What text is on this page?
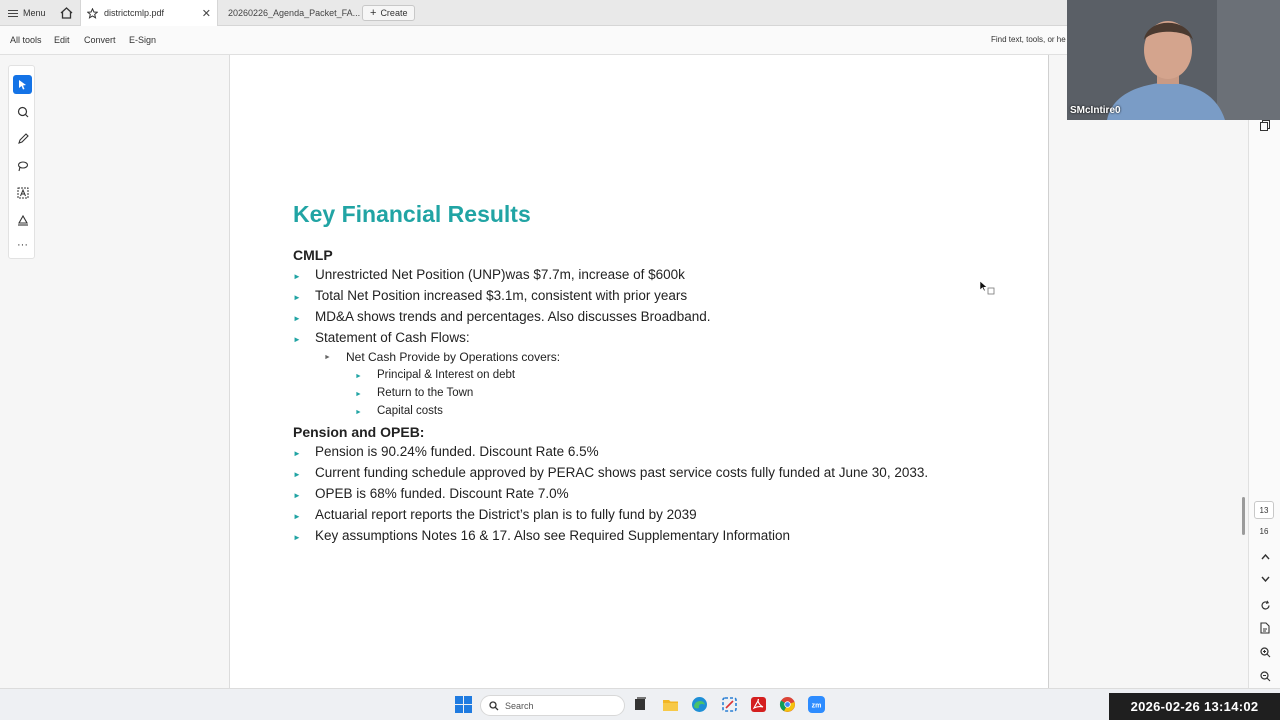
Menu	districtcmlp.pdf	✕ 20260226_Agenda_Packet_FA... + Create
All tools Edit Convert E-Sign	Find text, tools, or he
···
Key Financial Results
CMLP
► Unrestricted Net Position (UNP)was $7.7m, increase of $600k
► Total Net Position increased $3.1m, consistent with prior years
► MD&A shows trends and percentages. Also discusses Broadband.
► Statement of Cash Flows:
► Net Cash Provide by Operations covers:
► Principal & Interest on debt
► Return to the Town
► Capital costs
Pension and OPEB:
► Pension is 90.24% funded. Discount Rate 6.5%
► Current funding schedule approved by PERAC shows past service costs fully funded at June 30, 2033.
► OPEB is 68% funded. Discount Rate 7.0%
► Actuarial report reports the District’s plan is to fully fund by 2039
► Key assumptions Notes 16 & 17. Also see Required Supplementary Information
13
16
SMcIntire0
Search	zm	2026-02-26 13:14:02
